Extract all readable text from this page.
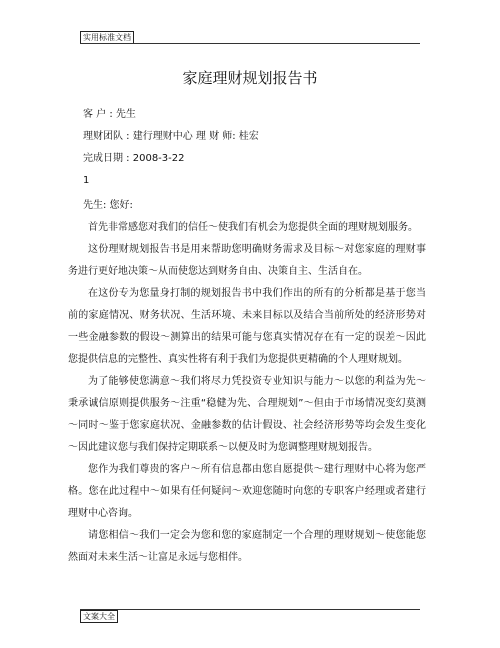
实用标准文档
家庭理财规划报告书
客 户 : 先生
理财团队 : 建行理财中心 理 财 师: 桂宏
完成日期 : 2008-3-22
1

先生: 您好:

首先非常感您对我们的信任～使我们有机会为您提供全面的理财规划服务。

这份理财规划报告书是用来帮助您明确财务需求及目标～对您家庭的理财事务进行更好地决策～从而使您达到财务自由、决策自主、生活自在。

在这份专为您量身打制的规划报告书中我们作出的所有的分析都是基于您当前的家庭情况、财务状况、生活环境、未来目标以及结合当前所处的经济形势对一些金融参数的假设～测算出的结果可能与您真实情况存在有一定的误差～因此您提供信息的完整性、真实性将有利于我们为您提供更精确的个人理财规划。

为了能够使您满意～我们将尽力凭投资专业知识与能力～以您的利益为先～秉承诚信原则提供服务～注重“稳健为先、合理规划”～但由于市场情况变幻莫测～同时～鉴于您家庭状况、金融参数的估计假设、社会经济形势等均会发生变化～因此建议您与我们保持定期联系～以便及时为您调整理财规划报告。

您作为我们尊贵的客户～所有信息都由您自愿提供～建行理财中心将为您严格。您在此过程中～如果有任何疑问～欢迎您随时向您的专职客户经理或者建行理财中心咨询。

请您相信～我们一定会为您和您的家庭制定一个合理的理财规划～使您能您然面对未来生活～让富足永远与您相伴。

文案大全
